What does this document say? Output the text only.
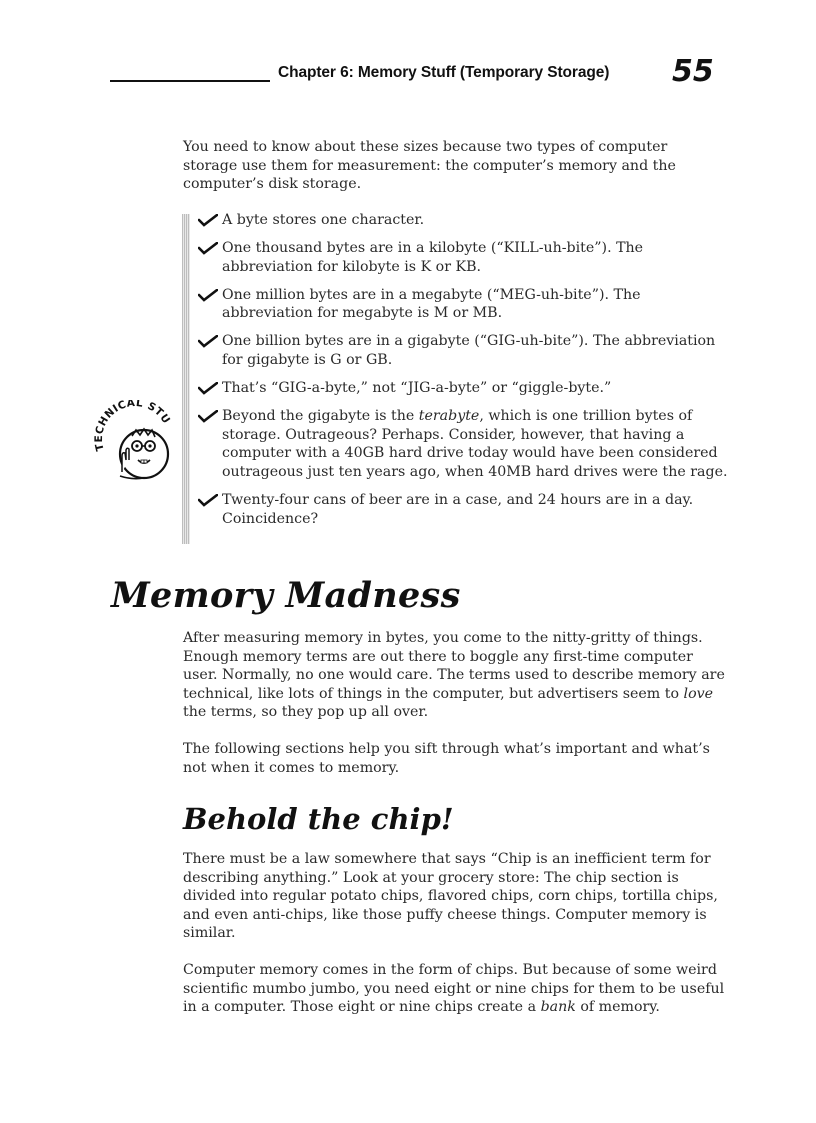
Chapter 6: Memory Stuff (Temporary Storage) 55

You need to know about these sizes because two types of computer storage use them for measurement: the computer’s memory and the computer’s disk storage.

A byte stores one character.
One thousand bytes are in a kilobyte (“KILL-uh-bite”). The abbreviation for kilobyte is K or KB.
One million bytes are in a megabyte (“MEG-uh-bite”). The abbreviation for megabyte is M or MB.
One billion bytes are in a gigabyte (“GIG-uh-bite”). The abbreviation for gigabyte is G or GB.
That’s “GIG-a-byte,” not “JIG-a-byte” or “giggle-byte.”
Beyond the gigabyte is the terabyte, which is one trillion bytes of storage. Outrageous? Perhaps. Consider, however, that having a computer with a 40GB hard drive today would have been considered outrageous just ten years ago, when 40MB hard drives were the rage.
Twenty-four cans of beer are in a case, and 24 hours are in a day. Coincidence?
TECHNICAL STU
Memory Madness

After measuring memory in bytes, you come to the nitty-gritty of things. Enough memory terms are out there to boggle any first-time computer user. Normally, no one would care. The terms used to describe memory are technical, like lots of things in the computer, but advertisers seem to love the terms, so they pop up all over.

The following sections help you sift through what’s important and what’s not when it comes to memory.

Behold the chip!

There must be a law somewhere that says “Chip is an inefficient term for describing anything.” Look at your grocery store: The chip section is divided into regular potato chips, flavored chips, corn chips, tortilla chips, and even anti-chips, like those puffy cheese things. Computer memory is similar.

Computer memory comes in the form of chips. But because of some weird scientific mumbo jumbo, you need eight or nine chips for them to be useful in a computer. Those eight or nine chips create a bank of memory.
